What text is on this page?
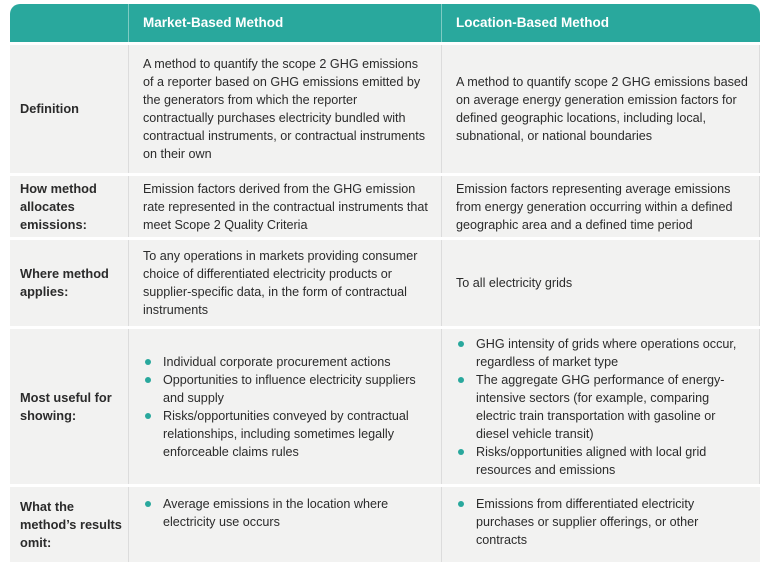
Market-Based Method	Location-Based Method
Definition
A method to quantify the scope 2 GHG emissions of a reporter based on GHG emissions emitted by the generators from which the reporter contractually purchases electricity bundled with contractual instruments, or contractual instruments on their own
A method to quantify scope 2 GHG emissions based on average energy generation emission factors for defined geographic locations, including local, subnational, or national boundaries
How method allocates emissions:
Emission factors derived from the GHG emission rate represented in the contractual instruments that meet Scope 2 Quality Criteria
Emission factors representing average emissions from energy generation occurring within a defined geographic area and a defined time period
Where method applies:
To any operations in markets providing consumer choice of differentiated electricity products or supplier-specific data, in the form of contractual instruments
To all electricity grids
Most useful for showing:
Individual corporate procurement actions
Opportunities to influence electricity suppliers and supply
Risks/opportunities conveyed by contractual relationships, including sometimes legally enforceable claims rules
GHG intensity of grids where operations occur, regardless of market type
The aggregate GHG performance of energy-intensive sectors (for example, comparing electric train transportation with gasoline or diesel vehicle transit)
Risks/opportunities aligned with local grid resources and emissions
What the method’s results omit:
Average emissions in the location where electricity use occurs
Emissions from differentiated electricity purchases or supplier offerings, or other contracts
